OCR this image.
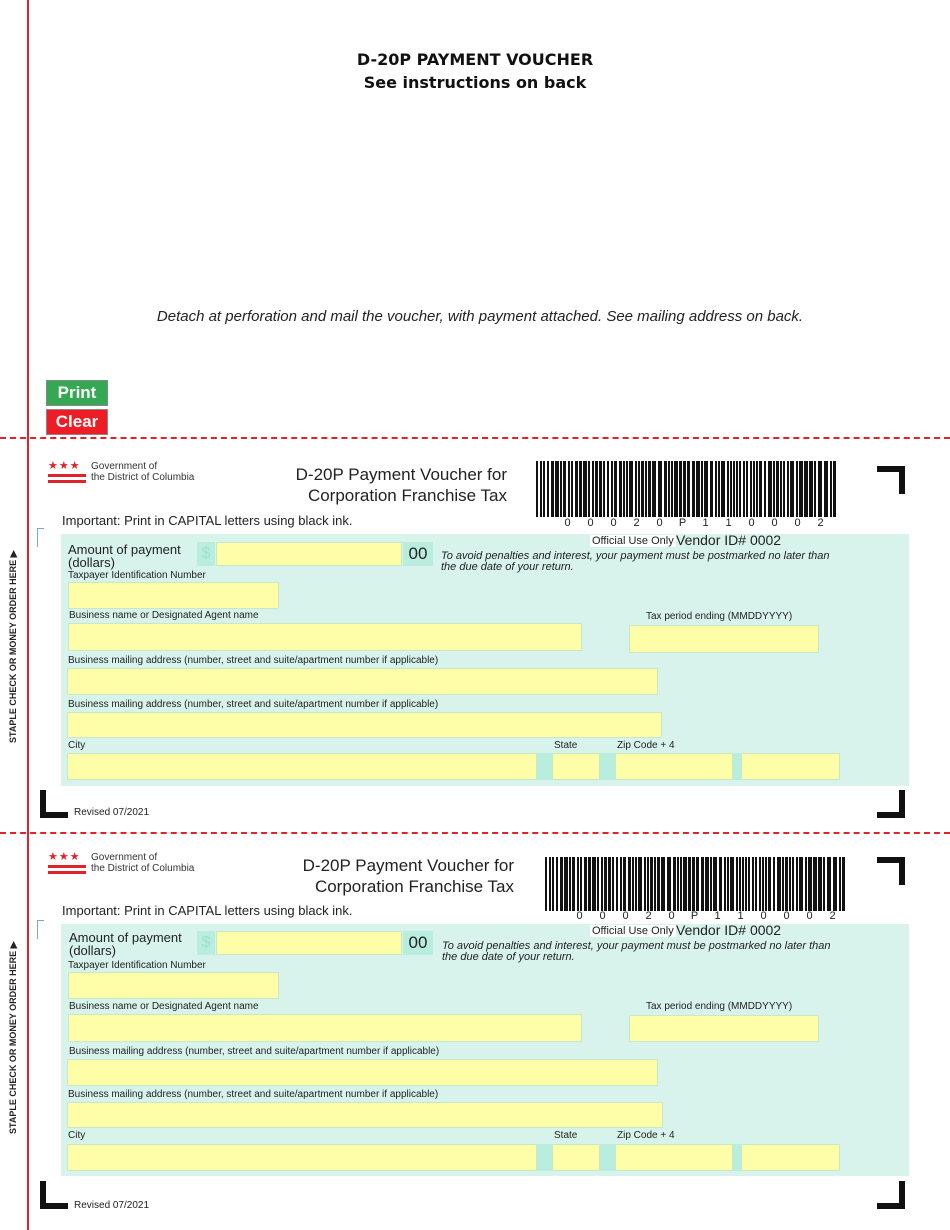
D-20P PAYMENT VOUCHER
See instructions on back
Detach at perforation and mail the voucher, with payment attached. See mailing address on back.
Print
Clear
★★★	Government of
the District of Columbia	D-20P Payment Voucher for
Corporation Franchise Tax
0 0 0 2 0 P 1 1 0 0 0 2
Important: Print in CAPITAL letters using black ink.
Official Use Only Vendor ID# 0002
Amount of payment
(dollars)
$	00	To avoid penalties and interest, your payment must be postmarked no later than the due date of your return.
Taxpayer Identification Number
Business name or Designated Agent name	Tax period ending (MMDDYYYY)
Business mailing address (number, street and suite/apartment number if applicable)
Business mailing address (number, street and suite/apartment number if applicable)
City	State	Zip Code + 4
STAPLE CHECK OR MONEY ORDER HERE ▶
Revised 07/2021
★★★	Government of
the District of Columbia	D-20P Payment Voucher for
Corporation Franchise Tax
0 0 0 2 0 P 1 1 0 0 0 2
Important: Print in CAPITAL letters using black ink.
Official Use Only Vendor ID# 0002
Amount of payment
(dollars)	$	00	To avoid penalties and interest, your payment must be postmarked no later than the due date of your return.
Taxpayer Identification Number
Business name or Designated Agent name	Tax period ending (MMDDYYYY)
Business mailing address (number, street and suite/apartment number if applicable)
Business mailing address (number, street and suite/apartment number if applicable)
City	State	Zip Code + 4
STAPLE CHECK OR MONEY ORDER HERE ▶
Revised 07/2021
